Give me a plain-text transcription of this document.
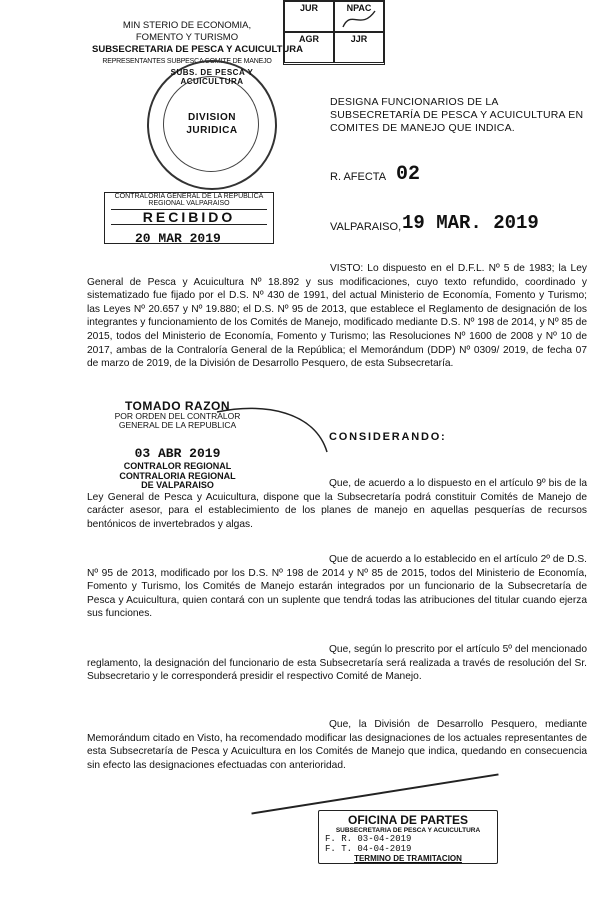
MIN STERIO DE ECONOMIA,
FOMENTO Y TURISMO
SUBSECRETARIA DE PESCA Y ACUICULTURA
REPRESENTANTES SUBPESCA COMITE DE MANEJO
JUR	NPAC
AGR	JJR
SUBS. DE PESCA Y ACUICULTURA
DIVISION
JURIDICA
DESIGNA FUNCIONARIOS DE LA SUBSECRETARÍA DE PESCA Y ACUICULTURA EN COMITES DE MANEJO QUE INDICA.
R. AFECTA 02
CONTRALORIA GENERAL DE LA REPUBLICA
REGIONAL VALPARAISO
RECIBIDO
20 MAR 2019
VALPARAISO, 19 MAR. 2019
VISTO: Lo dispuesto en el D.F.L. Nº 5 de 1983; la Ley General de Pesca y Acuicultura Nº 18.892 y sus modificaciones, cuyo texto refundido, coordinado y sistematizado fue fijado por el D.S. Nº 430 de 1991, del actual Ministerio de Economía, Fomento y Turismo; las Leyes Nº 20.657 y Nº 19.880; el D.S. Nº 95 de 2013, que establece el Reglamento de designación de los integrantes y funcionamiento de los Comités de Manejo, modificado mediante D.S. Nº 198 de 2014, y Nº 85 de 2015, todos del Ministerio de Economía, Fomento y Turismo; las Resoluciones Nº 1600 de 2008 y Nº 10 de 2017, ambas de la Contraloría General de la República; el Memorándum (DDP) Nº 0309/ 2019, de fecha 07 de marzo de 2019, de la División de Desarrollo Pesquero, de esta Subsecretaría.
TOMADO RAZON
POR ORDEN DEL CONTRALOR
GENERAL DE LA REPUBLICA
03 ABR 2019
CONTRALOR REGIONAL
CONTRALORIA REGIONAL
DE VALPARAISO
CONSIDERANDO:
Que, de acuerdo a lo dispuesto en el artículo 9º bis de la Ley General de Pesca y Acuicultura, dispone que la Subsecretaría podrá constituir Comités de Manejo de carácter asesor, para el establecimiento de los planes de manejo en aquellas pesquerías de recursos bentónicos de invertebrados y algas.
Que de acuerdo a lo establecido en el artículo 2º de D.S. Nº 95 de 2013, modificado por los D.S. Nº 198 de 2014 y Nº 85 de 2015, todos del Ministerio de Economía, Fomento y Turismo, los Comités de Manejo estarán integrados por un funcionario de la Subsecretaría de Pesca y Acuicultura, quien contará con un suplente que tendrá todas las atribuciones del titular cuando ejerza sus funciones.
Que, según lo prescrito por el artículo 5º del mencionado reglamento, la designación del funcionario de esta Subsecretaría será realizada a través de resolución del Sr. Subsecretario y le corresponderá presidir el respectivo Comité de Manejo.
Que, la División de Desarrollo Pesquero, mediante Memorándum citado en Visto, ha recomendado modificar las designaciones de los actuales representantes de esta Subsecretaría de Pesca y Acuicultura en los Comités de Manejo que indica, quedando en consecuencia sin efecto las designaciones efectuadas con anterioridad.
OFICINA DE PARTES
SUBSECRETARIA DE PESCA Y ACUICULTURA
F. R. 03-04-2019
F. T. 04-04-2019
TERMINO DE TRAMITACION
